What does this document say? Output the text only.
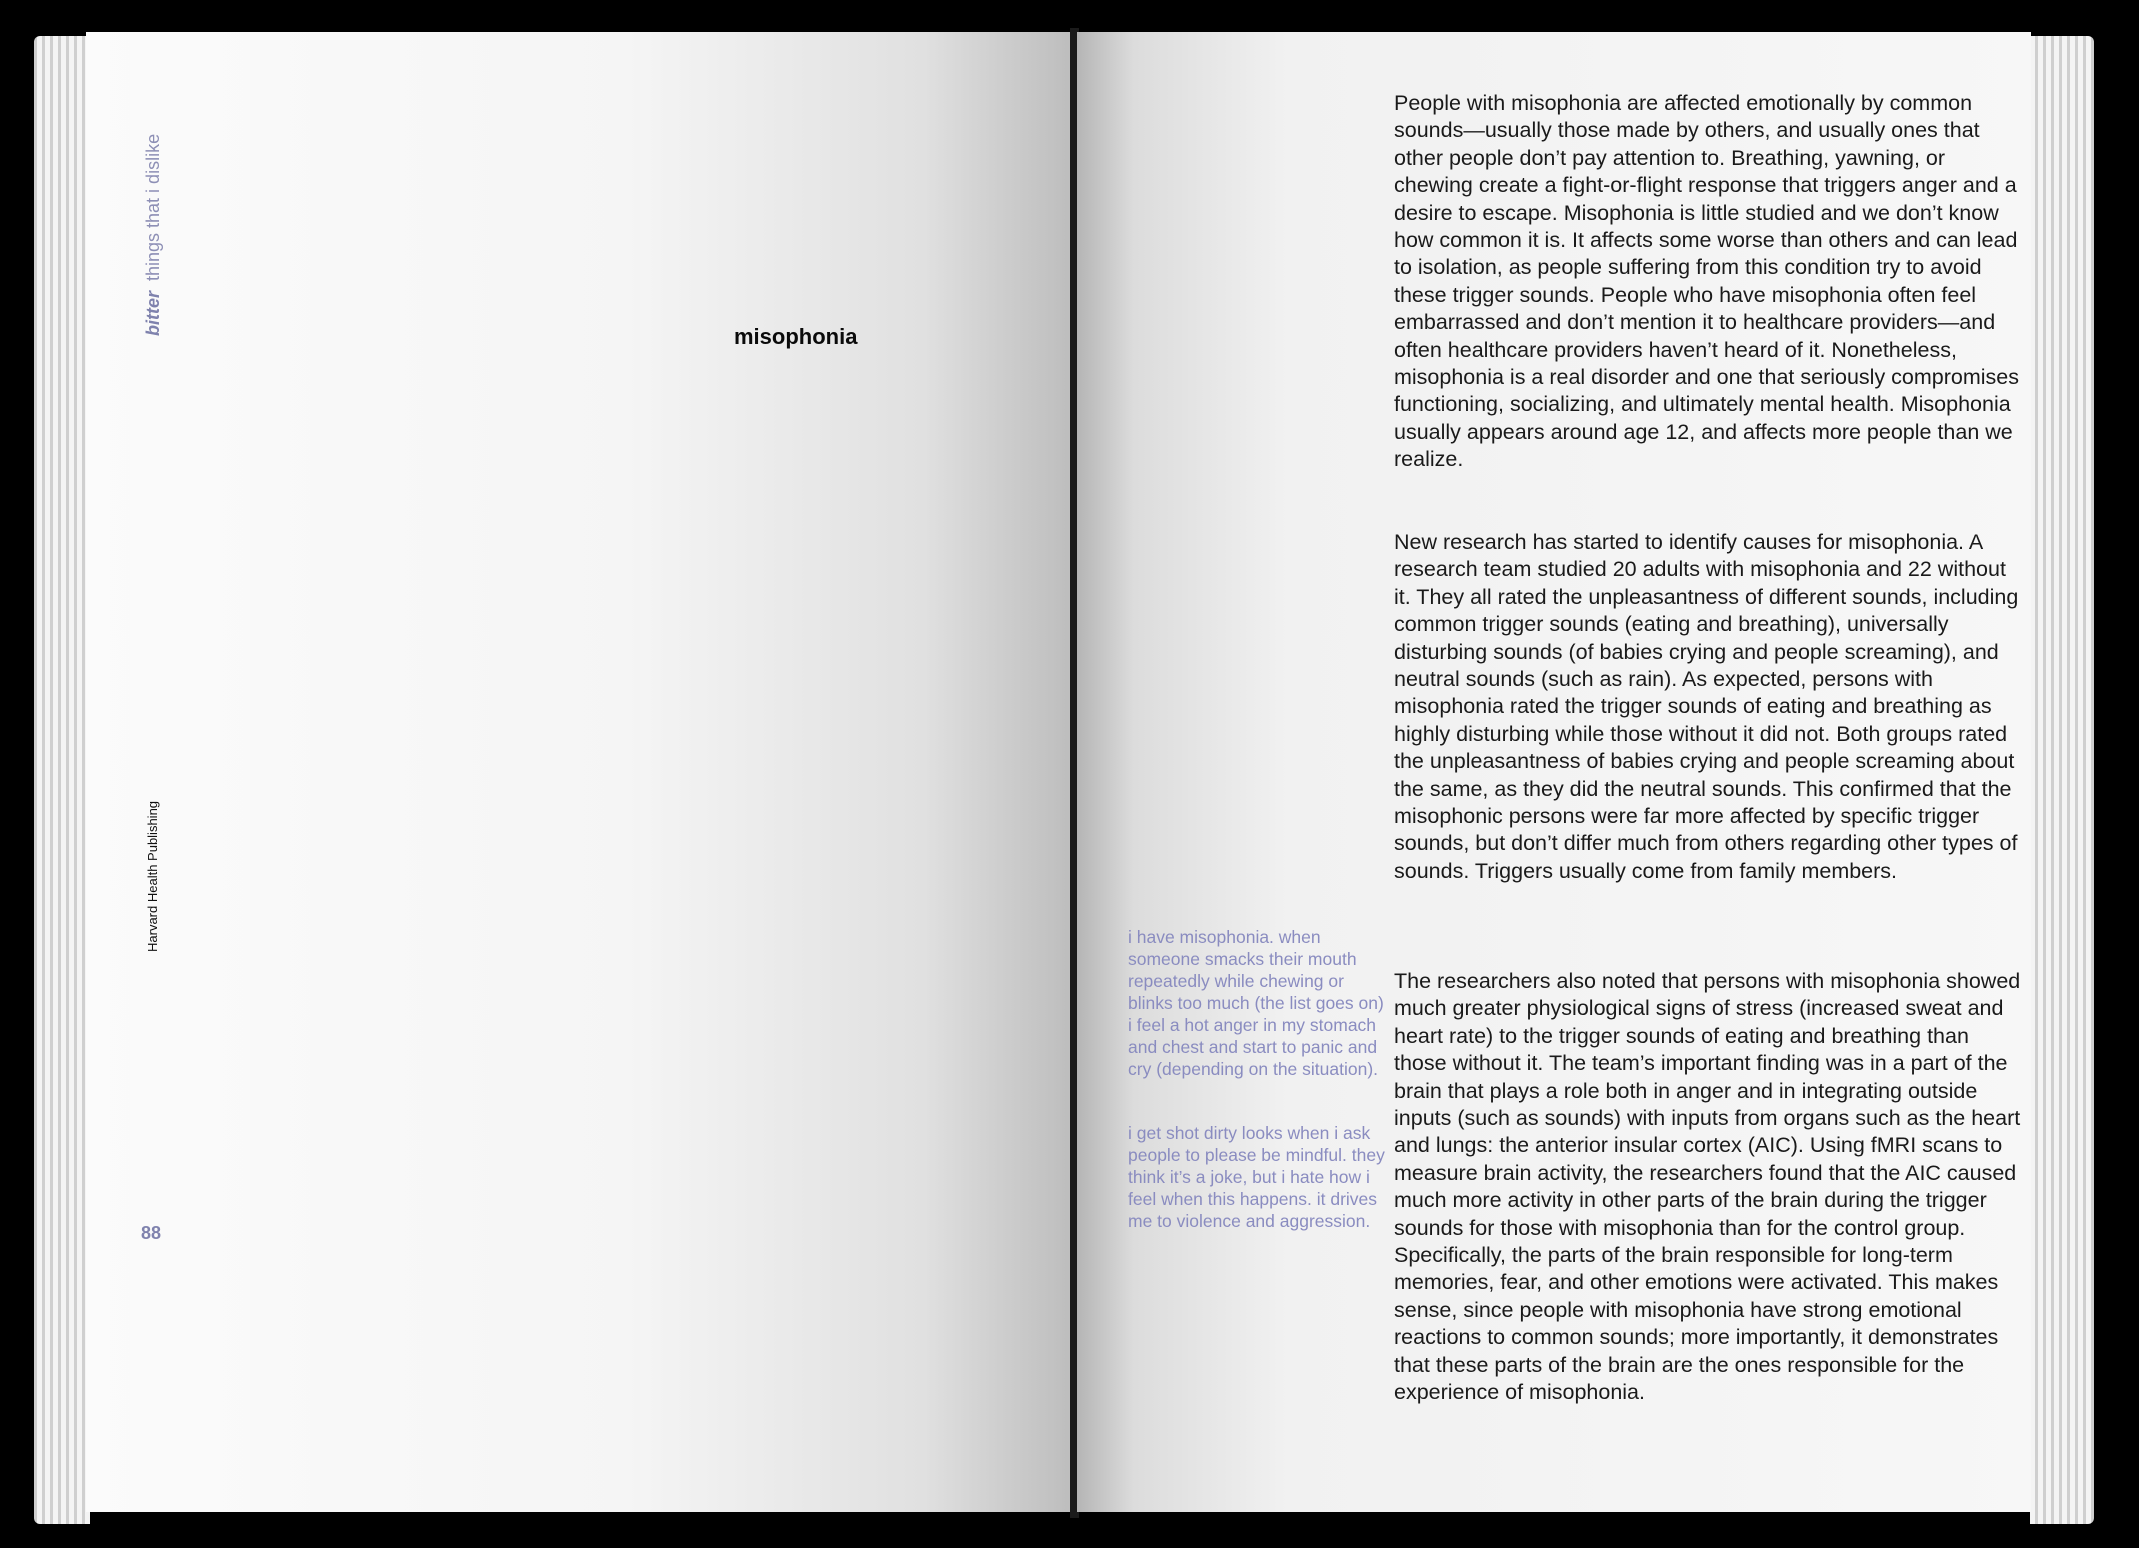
bitterthings that i dislike
Harvard Health Publishing
88
misophonia

People with misophonia are affected emotionally by common sounds—usually those made by others, and usually ones that other people don’t pay attention to. Breathing, yawning, or chewing create a fight-or-flight response that triggers anger and a desire to escape. Misophonia is little studied and we don’t know how common it is. It affects some worse than others and can lead to isolation, as people suffering from this condition try to avoid these trigger sounds. People who have misophonia often feel embarrassed and don’t mention it to healthcare providers—and often healthcare providers haven’t heard of it. Nonetheless, misophonia is a real disorder and one that seriously compromises functioning, socializing, and ultimately mental health. Misophonia usually appears around age 12, and affects more people than we realize.

New research has started to identify causes for misophonia. A research team studied 20 adults with misophonia and 22 without it. They all rated the unpleasantness of different sounds, including common trigger sounds (eating and breathing), universally disturbing sounds (of babies crying and people screaming), and neutral sounds (such as rain). As expected, persons with misophonia rated the trigger sounds of eating and breathing as highly disturbing while those without it did not. Both groups rated the unpleasantness of babies crying and people screaming about the same, as they did the neutral sounds. This confirmed that the misophonic persons were far more affected by specific trigger sounds, but don’t differ much from others regarding other types of sounds. Triggers usually come from family members.

The researchers also noted that persons with misophonia showed much greater physiological signs of stress (increased sweat and heart rate) to the trigger sounds of eating and breathing than those without it. The team’s important finding was in a part of the brain that plays a role both in anger and in integrating outside inputs (such as sounds) with inputs from organs such as the heart and lungs: the anterior insular cortex (AIC). Using fMRI scans to measure brain activity, the researchers found that the AIC caused much more activity in other parts of the brain during the trigger sounds for those with misophonia than for the control group. Specifically, the parts of the brain responsible for long-term memories, fear, and other emotions were activated. This makes sense, since people with misophonia have strong emotional reactions to common sounds; more importantly, it demonstrates that these parts of the brain are the ones responsible for the experience of misophonia.

i have misophonia. when someone smacks their mouth repeatedly while chewing or blinks too much (the list goes on) i feel a hot anger in my stomach and chest and start to panic and cry (depending on the situation).

i get shot dirty looks when i ask people to please be mindful. they think it’s a joke, but i hate how i feel when this happens. it drives me to violence and aggression.
